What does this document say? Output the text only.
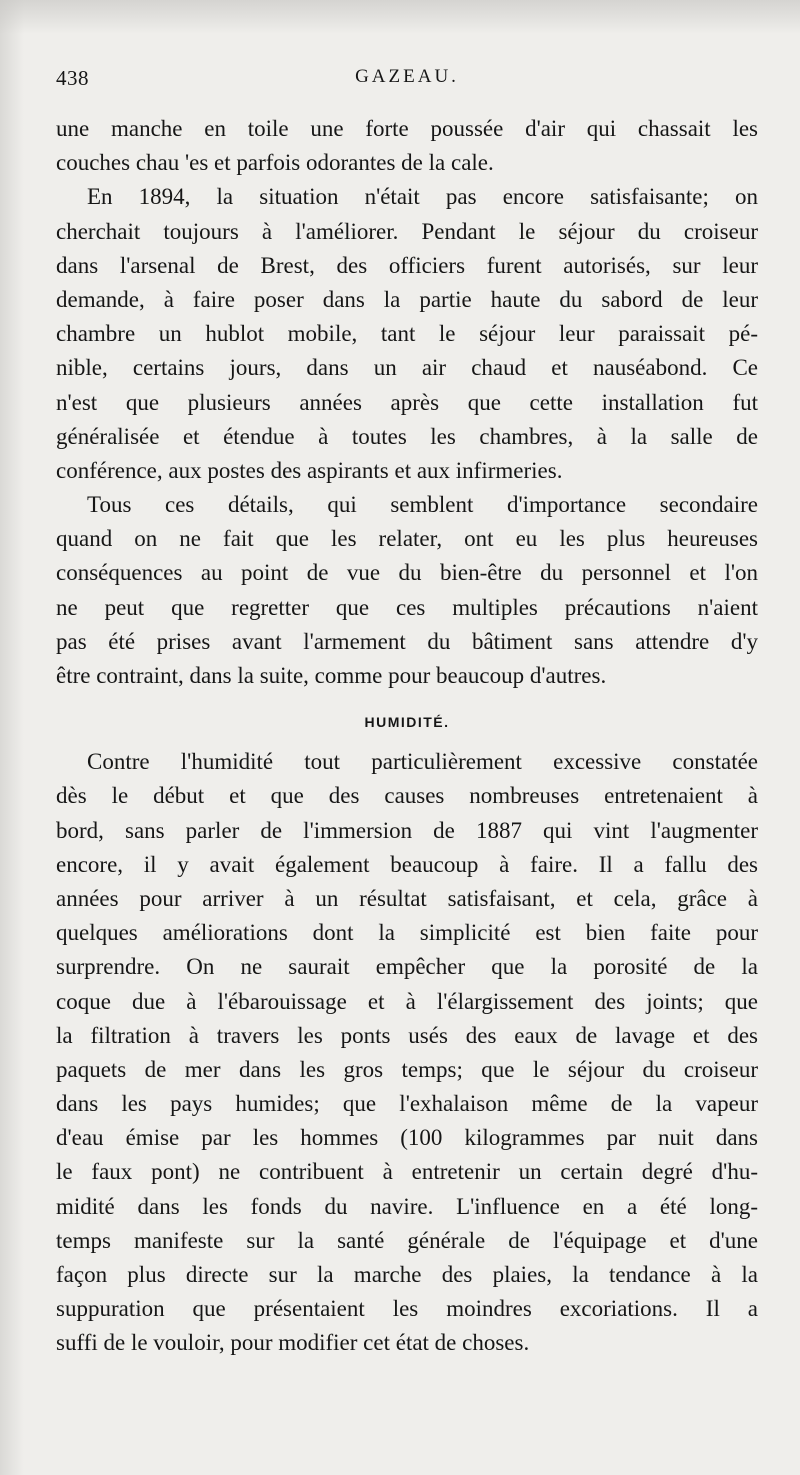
438	GAZEAU.
une manche en toile une forte poussée d'air qui chassait les
couches chau 'es et parfois odorantes de la cale.
En 1894, la situation n'était pas encore satisfaisante; on
cherchait toujours à l'améliorer. Pendant le séjour du croiseur
dans l'arsenal de Brest, des officiers furent autorisés, sur leur
demande, à faire poser dans la partie haute du sabord de leur
chambre un hublot mobile, tant le séjour leur paraissait pé-
nible, certains jours, dans un air chaud et nauséabond. Ce
n'est que plusieurs années après que cette installation fut
généralisée et étendue à toutes les chambres, à la salle de
conférence, aux postes des aspirants et aux infirmeries.
Tous ces détails, qui semblent d'importance secondaire
quand on ne fait que les relater, ont eu les plus heureuses
conséquences au point de vue du bien-être du personnel et l'on
ne peut que regretter que ces multiples précautions n'aient
pas été prises avant l'armement du bâtiment sans attendre d'y
être contraint, dans la suite, comme pour beaucoup d'autres.
HUMIDITÉ.
Contre l'humidité tout particulièrement excessive constatée
dès le début et que des causes nombreuses entretenaient à
bord, sans parler de l'immersion de 1887 qui vint l'augmenter
encore, il y avait également beaucoup à faire. Il a fallu des
années pour arriver à un résultat satisfaisant, et cela, grâce à
quelques améliorations dont la simplicité est bien faite pour
surprendre. On ne saurait empêcher que la porosité de la
coque due à l'ébarouissage et à l'élargissement des joints; que
la filtration à travers les ponts usés des eaux de lavage et des
paquets de mer dans les gros temps; que le séjour du croiseur
dans les pays humides; que l'exhalaison même de la vapeur
d'eau émise par les hommes (100 kilogrammes par nuit dans
le faux pont) ne contribuent à entretenir un certain degré d'hu-
midité dans les fonds du navire. L'influence en a été long-
temps manifeste sur la santé générale de l'équipage et d'une
façon plus directe sur la marche des plaies, la tendance à la
suppuration que présentaient les moindres excoriations. Il a
suffi de le vouloir, pour modifier cet état de choses.
